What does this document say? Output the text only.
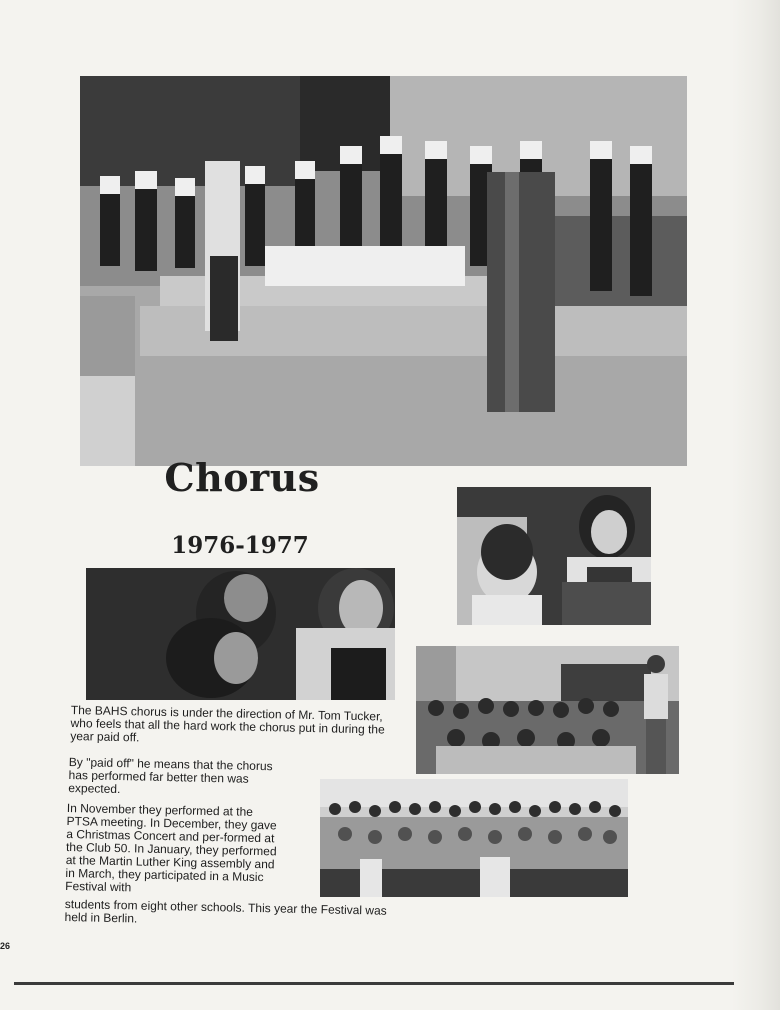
Chorus
1976-1977

The BAHS chorus is under the direction of Mr. Tom Tucker, who feels that all the hard work the chorus put in during the year paid off.

By "paid off" he means that the chorus has performed far better then was expected.

In November they performed at the PTSA meeting. In December, they gave a Christmas Concert and per-formed at the Club 50. In January, they performed at the Martin Luther King assembly and in March, they participated in a Music Festival with

students from eight other schools. This year the Festival was held in Berlin.

26
